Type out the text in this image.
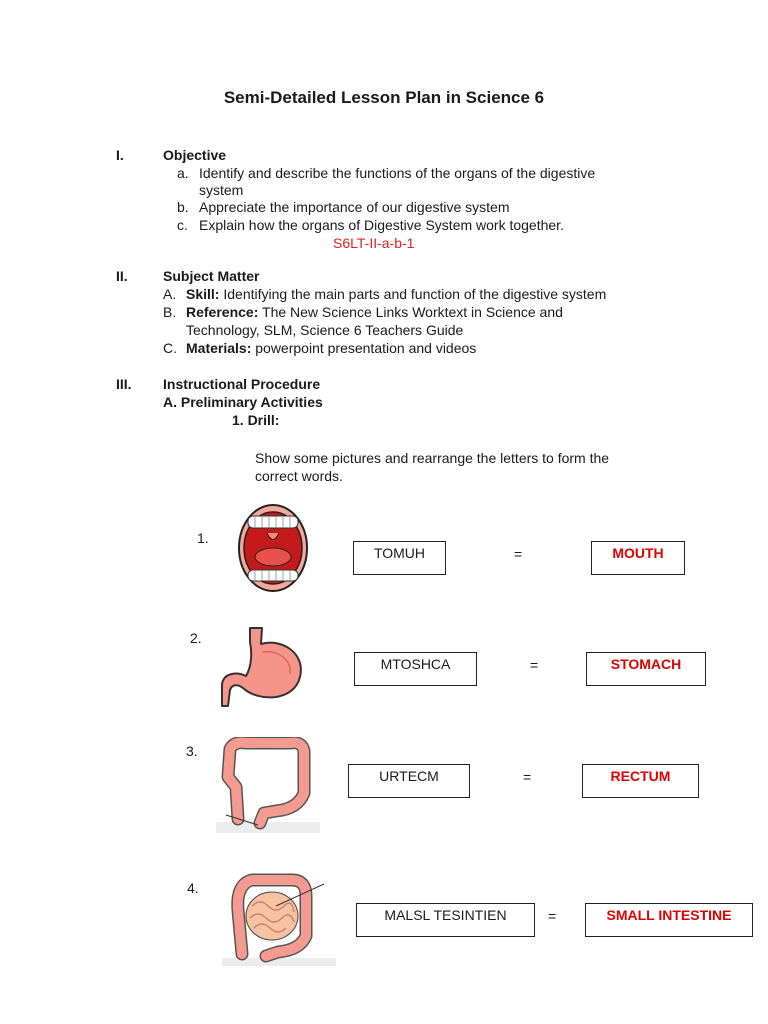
Semi-Detailed Lesson Plan in Science 6
I.	Objective
a. Identify and describe the functions of the organs of the digestive
system
b. Appreciate the importance of our digestive system
c. Explain how the organs of Digestive System work together.
S6LT-II-a-b-1
II.	Subject Matter
A. Skill: Identifying the main parts and function of the digestive system
B. Reference: The New Science Links Worktext in Science and
Technology, SLM, Science 6 Teachers Guide
C. Materials: powerpoint presentation and videos
III. Instructional Procedure
A. Preliminary Activities
1. Drill:
Show some pictures and rearrange the letters to form the
correct words.
1.
TOMUH	=	MOUTH
2.
MTOSHCA	=	STOMACH
3.
URTECM	=	RECTUM
4.
MALSL TESINTIEN	=	SMALL INTESTINE
